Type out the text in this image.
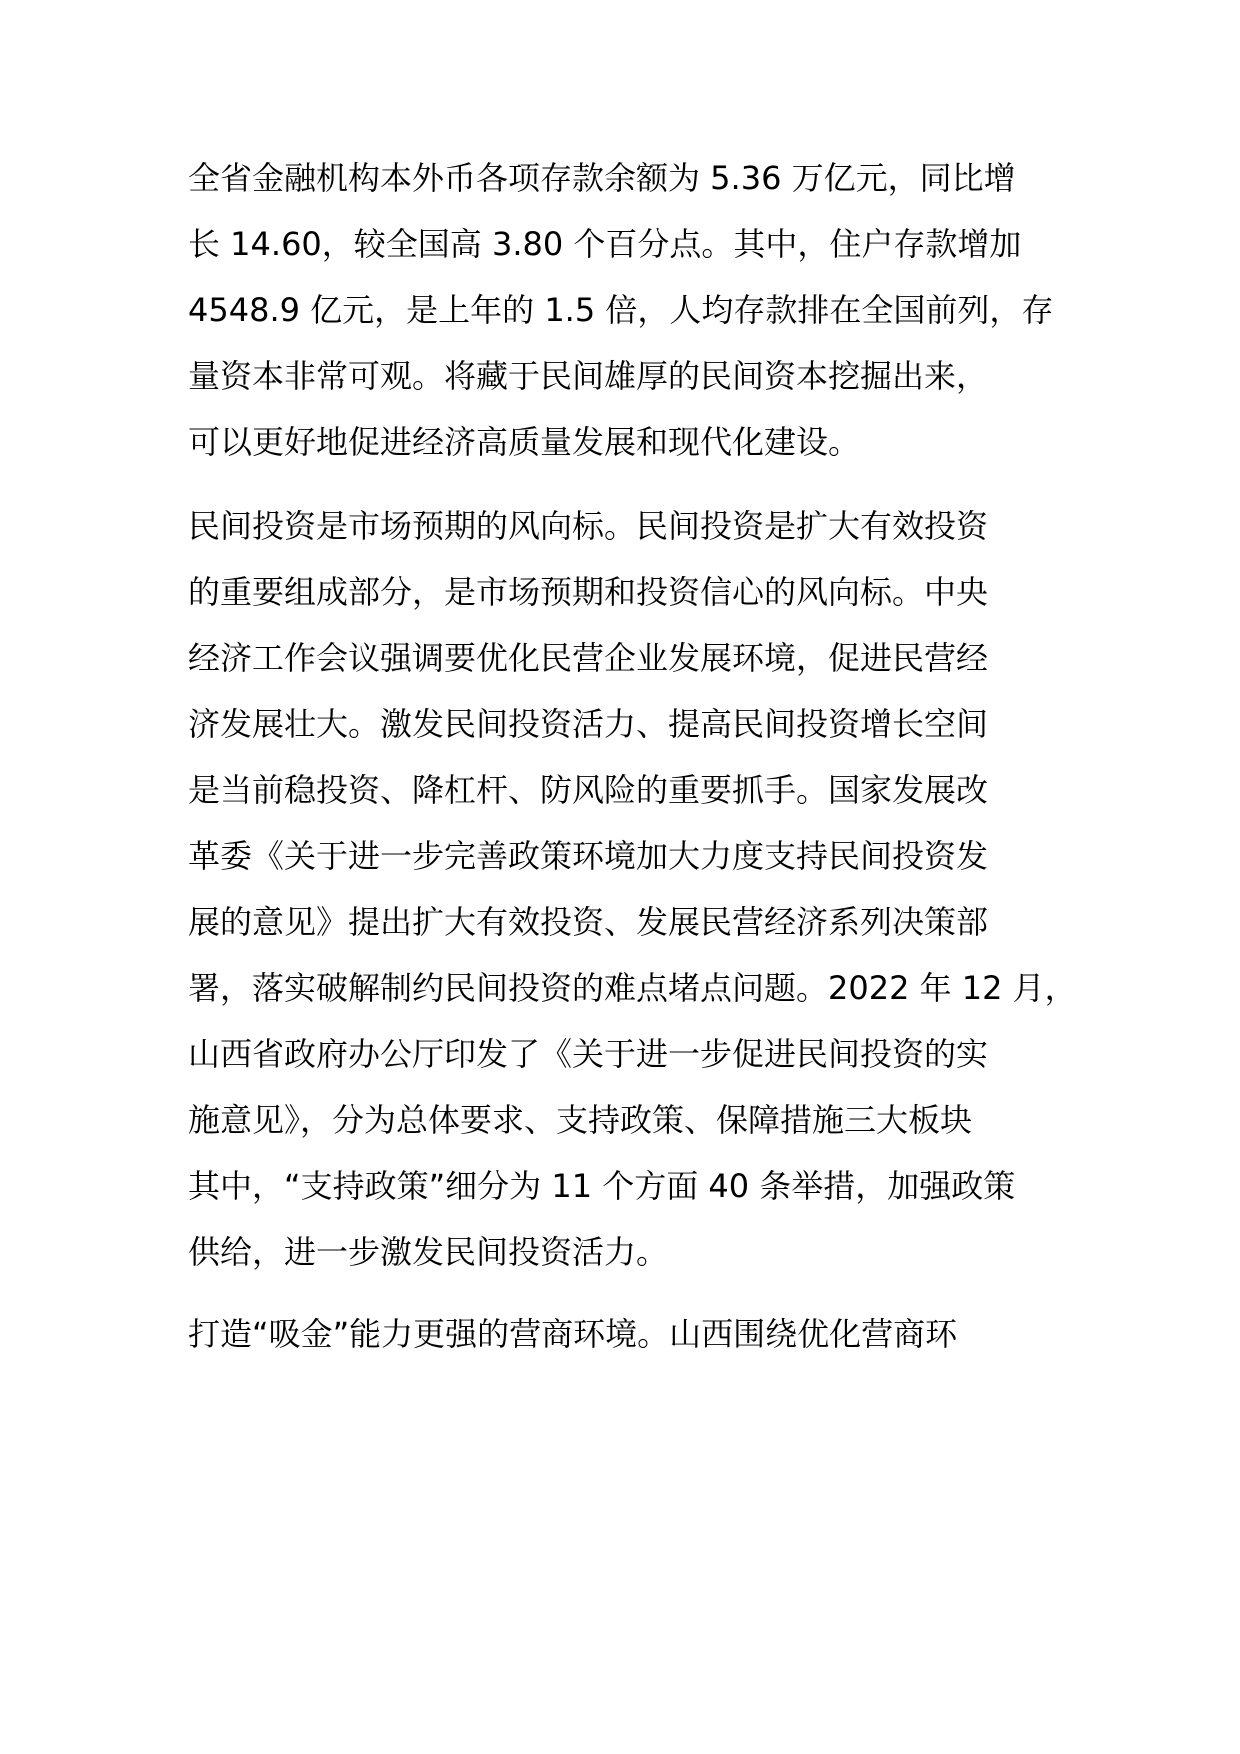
全省金融机构本外币各项存款余额为 5.36 万亿元，同比增
长 14.60，较全国高 3.80 个百分点。其中，住户存款增加
4548.9 亿元，是上年的 1.5 倍，人均存款排在全国前列，存
量资本非常可观。将藏于民间雄厚的民间资本挖掘出来，
可以更好地促进经济高质量发展和现代化建设。
民间投资是市场预期的风向标。民间投资是扩大有效投资
的重要组成部分，是市场预期和投资信心的风向标。中央
经济工作会议强调要优化民营企业发展环境，促进民营经
济发展壮大。激发民间投资活力、提高民间投资增长空间
是当前稳投资、降杠杆、防风险的重要抓手。国家发展改
革委《关于进一步完善政策环境加大力度支持民间投资发
展的意见》提出扩大有效投资、发展民营经济系列决策部
署，落实破解制约民间投资的难点堵点问题。2022 年 12 月，
山西省政府办公厅印发了《关于进一步促进民间投资的实
施意见》，分为总体要求、支持政策、保障措施三大板块
其中，“支持政策”细分为 11 个方面 40 条举措，加强政策
供给，进一步激发民间投资活力。
打造“吸金”能力更强的营商环境。山西围绕优化营商环
